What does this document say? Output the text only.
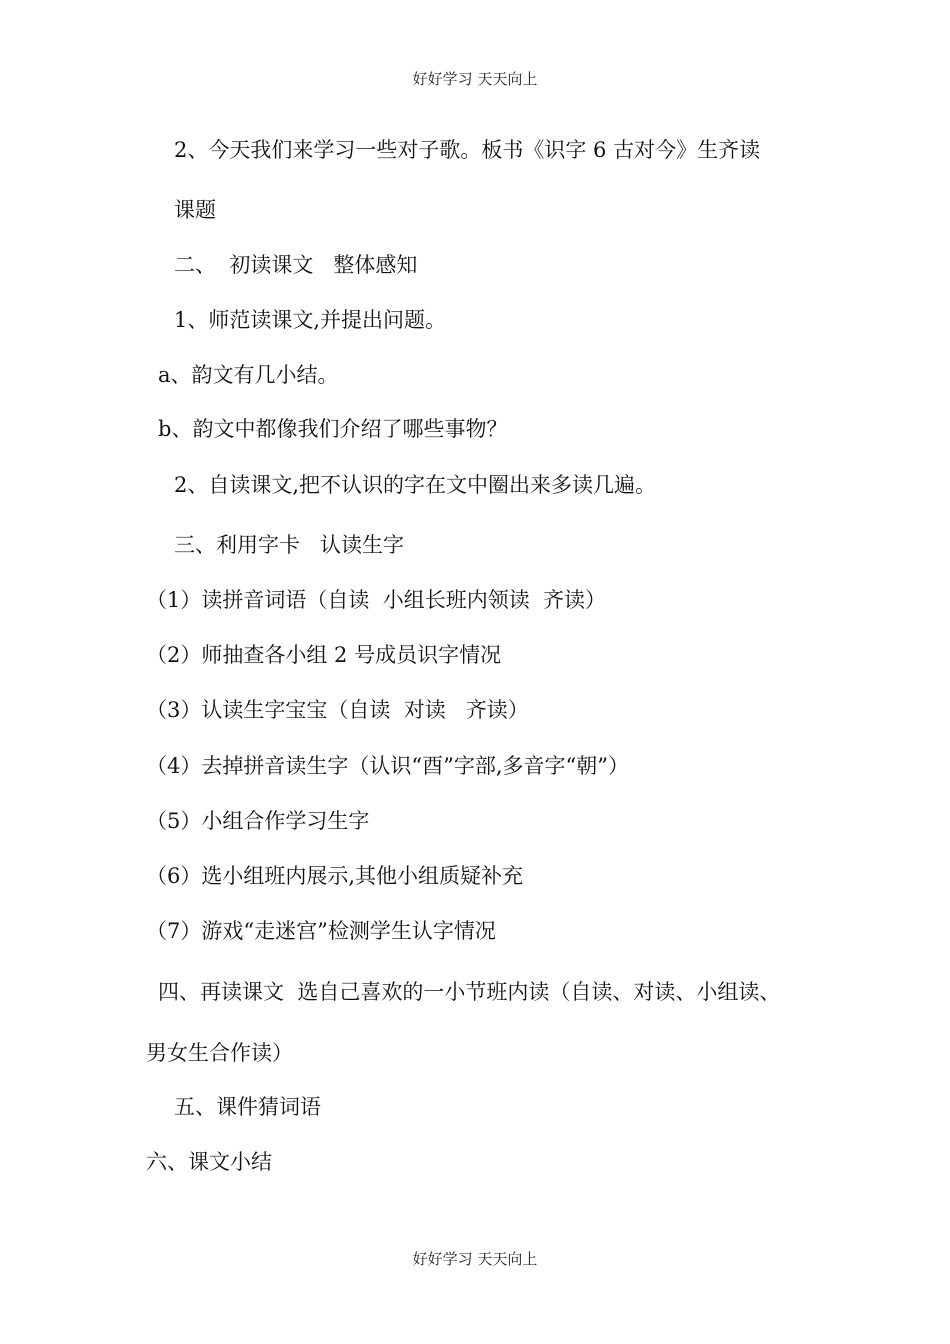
好好学习 天天向上
2、今天我们来学习一些对子歌。板书《识字 6 古对今》生齐读
课题
二、  初读课文   整体感知
1、师范读课文,并提出问题。
a、韵文有几小结。
b、韵文中都像我们介绍了哪些事物？
2、自读课文,把不认识的字在文中圈出来多读几遍。
三、利用字卡   认读生字
（1）读拼音词语（自读  小组长班内领读  齐读）
（2）师抽查各小组 2 号成员识字情况
（3）认读生字宝宝（自读  对读   齐读）
（4）去掉拼音读生字（认识“酉”字部,多音字“朝”）
（5）小组合作学习生字
（6）选小组班内展示,其他小组质疑补充
（7）游戏“走迷宫”检测学生认字情况
四、再读课文  选自己喜欢的一小节班内读（自读、对读、小组读、
男女生合作读）
五、课件猜词语
六、课文小结
好好学习 天天向上
